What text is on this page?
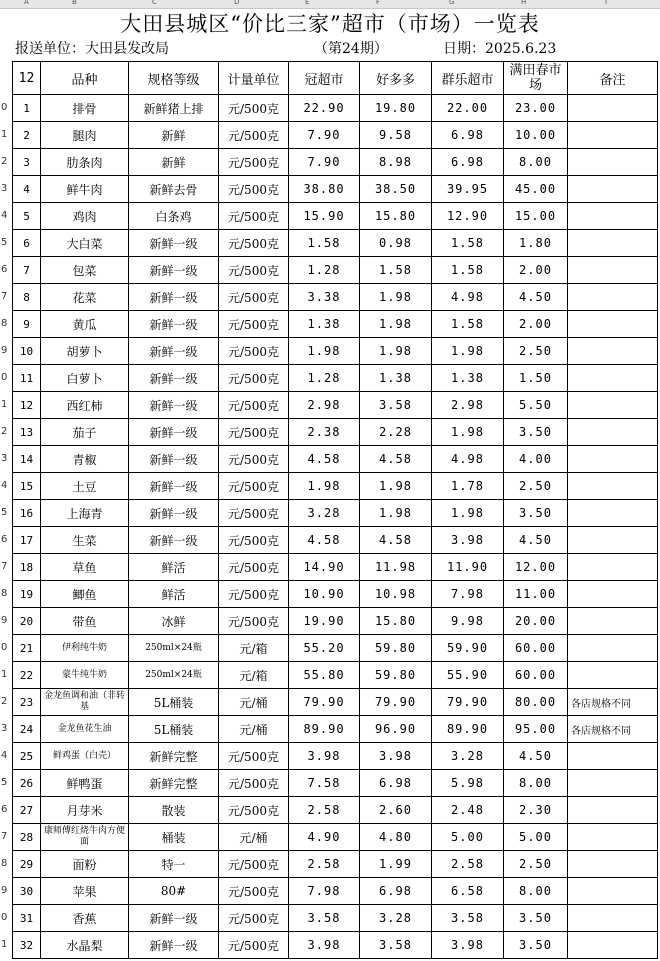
A	B	C	D	E	F	G	H	I
0
1
2
3
4
5
6
7
8
9
0
1
2
3
4
5
6
7
8
9
0
1
2
3
4
5
6
7
8
9
0
1
大田县城区“价比三家”超市（市场）一览表
报送单位：大田县发改局	（第24期）	日期：2025.6.23
12	品种	规格等级	计量单位	冠超市	好多多	群乐超市	满田春市场	备注
1	排骨	新鲜猪上排	元/500克	22.90	19.80	22.00	23.00	
2	腿肉	新鲜	元/500克	7.90	9.58	6.98	10.00	
3	肋条肉	新鲜	元/500克	7.90	8.98	6.98	8.00	
4	鲜牛肉	新鲜去骨	元/500克	38.80	38.50	39.95	45.00	
5	鸡肉	白条鸡	元/500克	15.90	15.80	12.90	15.00	
6	大白菜	新鲜一级	元/500克	1.58	0.98	1.58	1.80	
7	包菜	新鲜一级	元/500克	1.28	1.58	1.58	2.00	
8	花菜	新鲜一级	元/500克	3.38	1.98	4.98	4.50	
9	黄瓜	新鲜一级	元/500克	1.38	1.98	1.58	2.00	
10	胡萝卜	新鲜一级	元/500克	1.98	1.98	1.98	2.50	
11	白萝卜	新鲜一级	元/500克	1.28	1.38	1.38	1.50	
12	西红柿	新鲜一级	元/500克	2.98	3.58	2.98	5.50	
13	茄子	新鲜一级	元/500克	2.38	2.28	1.98	3.50	
14	青椒	新鲜一级	元/500克	4.58	4.58	4.98	4.00	
15	土豆	新鲜一级	元/500克	1.98	1.98	1.78	2.50	
16	上海青	新鲜一级	元/500克	3.28	1.98	1.98	3.50	
17	生菜	新鲜一级	元/500克	4.58	4.58	3.98	4.50	
18	草鱼	鲜活	元/500克	14.90	11.98	11.90	12.00	
19	鲫鱼	鲜活	元/500克	10.90	10.98	7.98	11.00	
20	带鱼	冰鲜	元/500克	19.90	15.80	9.98	20.00	
21	伊利纯牛奶	250ml×24瓶	元/箱	55.20	59.80	59.90	60.00	
22	蒙牛纯牛奶	250ml×24瓶	元/箱	55.80	59.80	55.90	60.00	
23	金龙鱼调和油（非转基	5L桶装	元/桶	79.90	79.90	79.90	80.00	各店规格不同
24	金龙鱼花生油	5L桶装	元/桶	89.90	96.90	89.90	95.00	各店规格不同
25	鲜鸡蛋（白壳）	新鲜完整	元/500克	3.98	3.98	3.28	4.50	
26	鲜鸭蛋	新鲜完整	元/500克	7.58	6.98	5.98	8.00	
27	月芽米	散装	元/500克	2.58	2.60	2.48	2.30	
28	康师傅红烧牛肉方便面	桶装	元/桶	4.90	4.80	5.00	5.00	
29	面粉	特一	元/500克	2.58	1.99	2.58	2.50	
30	苹果	80#	元/500克	7.98	6.98	6.58	8.00	
31	香蕉	新鲜一级	元/500克	3.58	3.28	3.58	3.50	
32	水晶梨	新鲜一级	元/500克	3.98	3.58	3.98	3.50	
